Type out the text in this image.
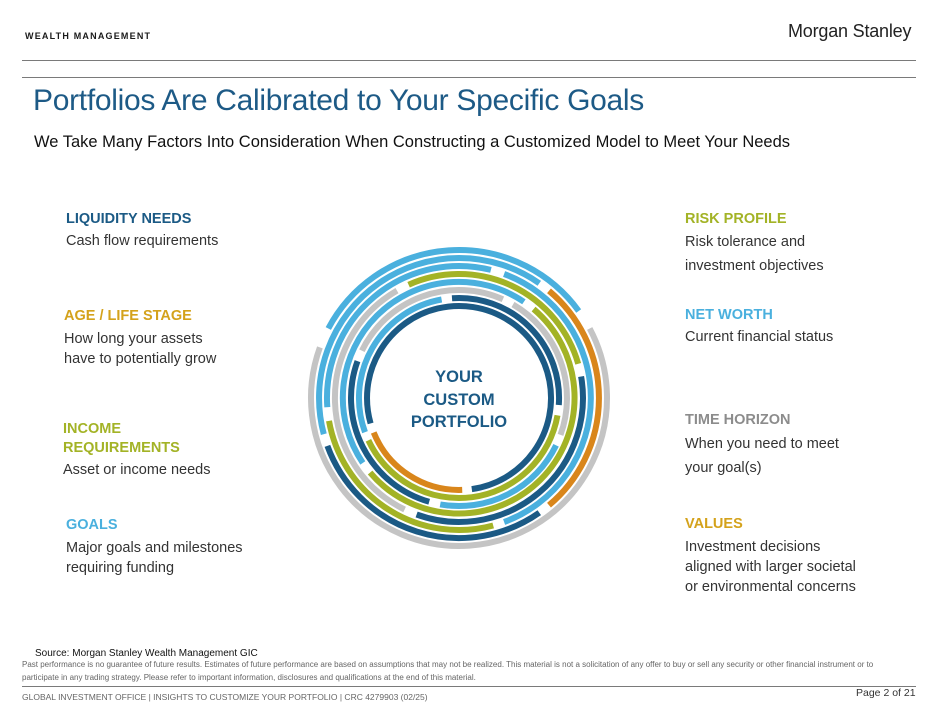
WEALTH MANAGEMENT	Morgan Stanley
Portfolios Are Calibrated to Your Specific Goals
We Take Many Factors Into Consideration When Constructing a Customized Model to Meet Your Needs
LIQUIDITY NEEDS
Cash flow requirements
AGE / LIFE STAGE
How long your assets
have to potentially grow
INCOME
REQUIREMENTS
Asset or income needs
GOALS
Major goals and milestones
requiring funding
RISK PROFILE
Risk tolerance and
investment objectives
NET WORTH
Current financial status
TIME HORIZON
When you need to meet
your goal(s)
VALUES
Investment decisions
aligned with larger societal
or environmental concerns
YOUR
CUSTOM
PORTFOLIO
Source: Morgan Stanley Wealth Management GIC
Past performance is no guarantee of future results. Estimates of future performance are based on assumptions that may not be realized. This material is not a solicitation of any offer to buy or sell any security or other financial instrument or to participate in any trading strategy. Please refer to important information, disclosures and qualifications at the end of this material.
GLOBAL INVESTMENT OFFICE | INSIGHTS TO CUSTOMIZE YOUR PORTFOLIO | CRC 4279903 (02/25)	Page 2 of 21
